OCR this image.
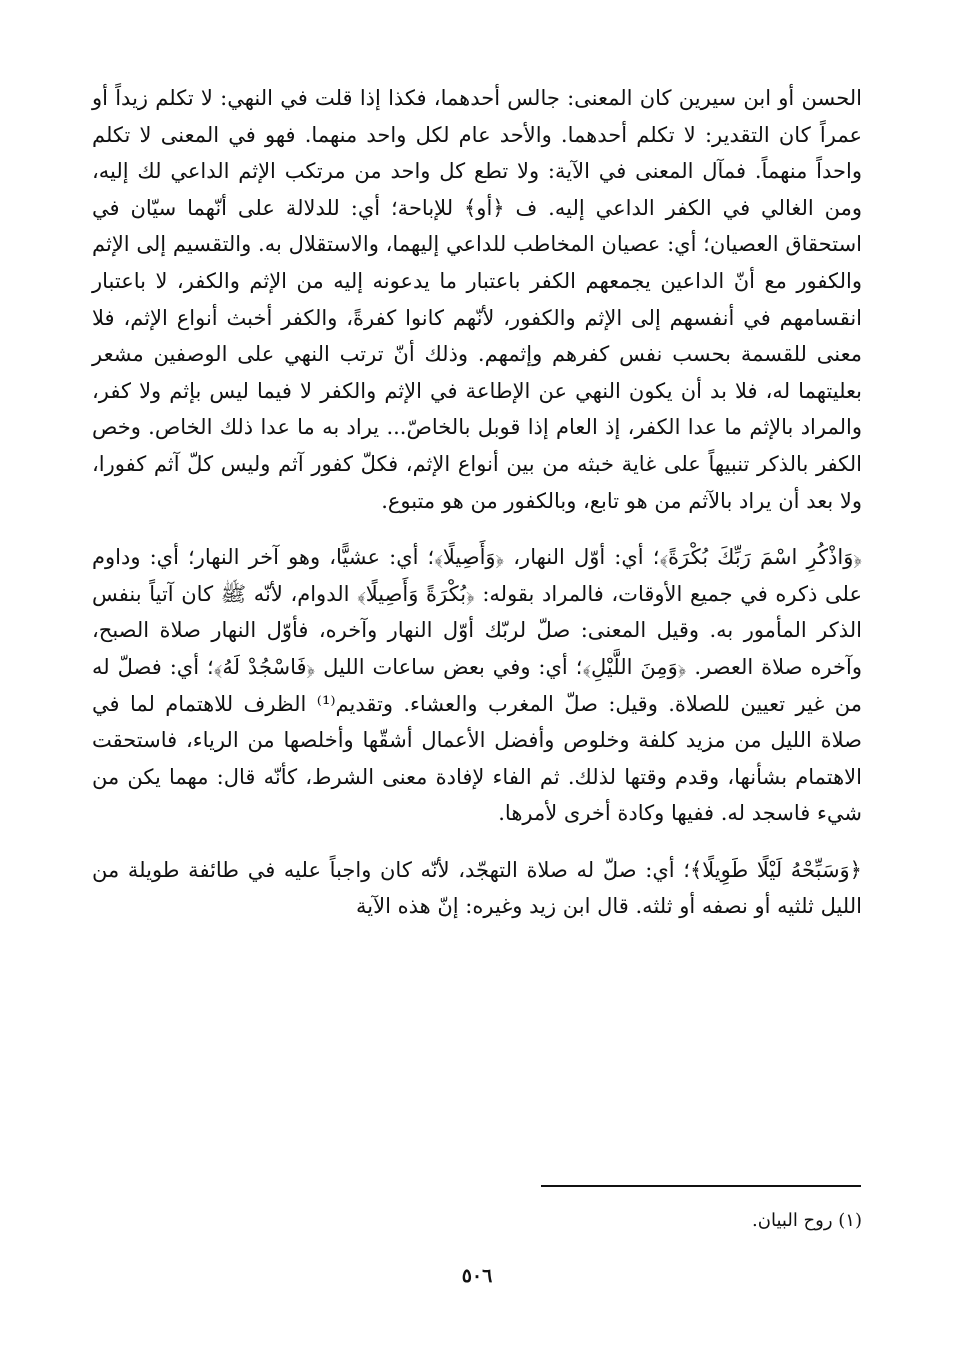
الحسن أو ابن سيرين كان المعنى: جالس أحدهما، فكذا إذا قلت في النهي: لا تكلم زيداً أو عمراً كان التقدير: لا تكلم أحدهما. والأحد عام لكل واحد منهما. فهو في المعنى لا تكلم واحداً منهماً. فمآل المعنى في الآية: ولا تطع كل واحد من مرتكب الإثم الداعي لك إليه، ومن الغالي في الكفر الداعي إليه. ف ﴿أو﴾ للإباحة؛ أي: للدلالة على أنّهما سيّان في استحقاق العصيان؛ أي: عصيان المخاطب للداعي إليهما، والاستقلال به. والتقسيم إلى الإثم والكفور مع أنّ الداعين يجمعهم الكفر باعتبار ما يدعونه إليه من الإثم والكفر، لا باعتبار انقسامهم في أنفسهم إلى الإثم والكفور، لأنّهم كانوا كفرةً، والكفر أخبث أنواع الإثم، فلا معنى للقسمة بحسب نفس كفرهم وإثمهم. وذلك أنّ ترتب النهي على الوصفين مشعر بعليتهما له، فلا بد أن يكون النهي عن الإطاعة في الإثم والكفر لا فيما ليس بإثم ولا كفر، والمراد بالإثم ما عدا الكفر، إذ العام إذا قوبل بالخاصّ... يراد به ما عدا ذلك الخاص. وخص الكفر بالذكر تنبيهاً على غاية خبثه من بين أنواع الإثم، فكلّ كفور آثم وليس كلّ آثم كفورا، ولا بعد أن يراد بالآثم من هو تابع، وبالكفور من هو متبوع.

﴿وَاذْكُرِ اسْمَ رَبِّكَ بُكْرَةً﴾؛ أي: أوّل النهار، ﴿وَأَصِيلًا﴾؛ أي: عشيًّا، وهو آخر النهار؛ أي: وداوم على ذكره في جميع الأوقات، فالمراد بقوله: ﴿بُكْرَةً وَأَصِيلًا﴾ الدوام، لأنّه ﷺ كان آتياً بنفس الذكر المأمور به. وقيل المعنى: صلّ لربّك أوّل النهار وآخره، فأوّل النهار صلاة الصبح، وآخره صلاة العصر. ﴿وَمِنَ اللَّيْلِ﴾؛ أي: وفي بعض ساعات الليل ﴿فَاسْجُدْ لَهُ﴾؛ أي: فصلّ له من غير تعيين للصلاة. وقيل: صلّ المغرب والعشاء. وتقديم⁽¹⁾ الظرف للاهتمام لما في صلاة الليل من مزيد كلفة وخلوص وأفضل الأعمال أشقّها وأخلصها من الرياء، فاستحقت الاهتمام بشأنها، وقدم وقتها لذلك. ثم الفاء لإفادة معنى الشرط، كأنّه قال: مهما يكن من شيء فاسجد له. ففيها وكادة أخرى لأمرها.

﴿وَسَبِّحْهُ لَيْلًا طَوِيلًا﴾؛ أي: صلّ له صلاة التهجّد، لأنّه كان واجباً عليه في طائفة طويلة من الليل ثلثيه أو نصفه أو ثلثه. قال ابن زيد وغيره: إنّ هذه الآية

(١) روح البيان.
٥٠٦
